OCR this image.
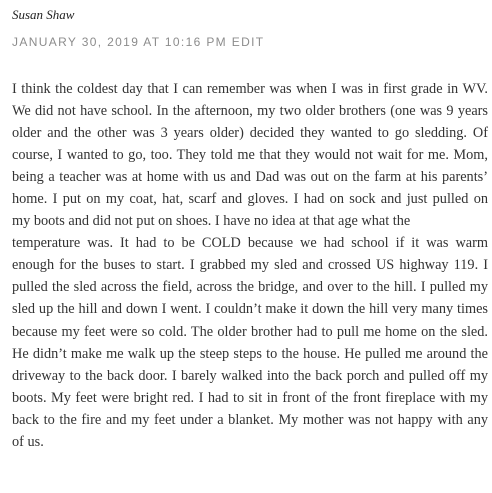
Susan Shaw
JANUARY 30, 2019 AT 10:16 PM EDIT

I think the coldest day that I can remember was when I was in first grade in WV.
We did not have school. In the afternoon, my two older brothers (one was 9 years
older and the other was 3 years older) decided they wanted to go sledding. Of
course, I wanted to go, too. They told me that they would not wait for me. Mom,
being a teacher was at home with us and Dad was out on the farm at his parents’
home. I put on my coat, hat, scarf and gloves. I had on sock and just pulled on
my boots and did not put on shoes. I have no idea at that age what the
temperature was. It had to be COLD because we had school if it was warm
enough for the buses to start. I grabbed my sled and crossed US highway 119. I
pulled the sled across the field, across the bridge, and over to the hill. I pulled my
sled up the hill and down I went. I couldn’t make it down the hill very many times
because my feet were so cold. The older brother had to pull me home on the sled.
He didn’t make me walk up the steep steps to the house. He pulled me around the
driveway to the back door. I barely walked into the back porch and pulled off my
boots. My feet were bright red. I had to sit in front of the front fireplace with my
back to the fire and my feet under a blanket. My mother was not happy with any
of us.
